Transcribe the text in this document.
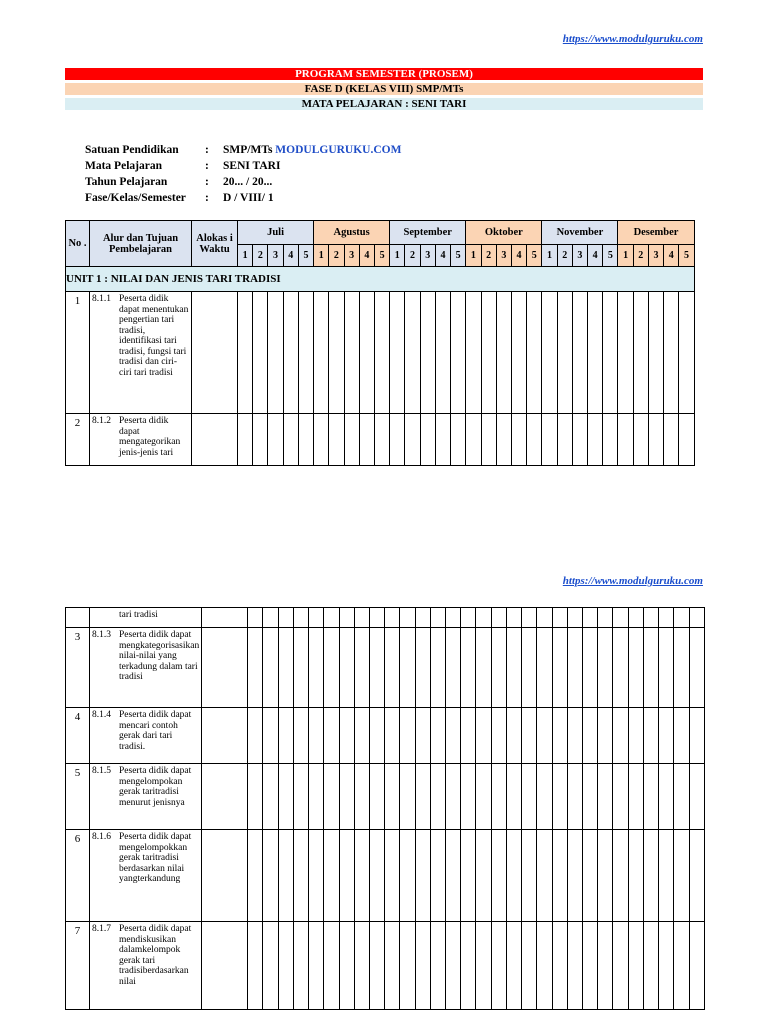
https://www.modulguruku.com
PROGRAM SEMESTER (PROSEM)
FASE D (KELAS VIII) SMP/MTs
MATA PELAJARAN : SENI TARI
Satuan Pendidikan : SMP/MTs MODULGURUKU.COM
Mata Pelajaran	: SENI TARI
Tahun Pelajaran	: 20... / 20...
Fase/Kelas/Semester : D / VIII/ 1
No .	Alur dan Tujuan Pembelajaran	Alokas i Waktu	Juli					Agustus					September					Oktober					November					Desember				
			1	2	3	4	5	1	2	3	4	5	1	2	3	4	5	1	2	3	4	5	1	2	3	4	5	1	2	3	4	5
UNIT 1 : NILAI DAN JENIS TARI TRADISI																																
1	8.1.1 Peserta didik dapat menentukan pengertian tari tradisi, identifikasi tari tradisi, fungsi tari tradisi dan ciri-ciri tari tradisi																															

2	8.1.2 Peserta didik dapat mengategorikan jenis-jenis tari																															

https://www.modulguruku.com

	tari tradisi																															

3	8.1.3 Peserta didik dapat mengkategorisasikan nilai-nilai yang terkadung dalam tari tradisi																															

4	8.1.4 Peserta didik dapat mencari contoh gerak dari tari tradisi.																															

5	8.1.5 Peserta didik dapat mengelompokan gerak taritradisi menurut jenisnya																															

6	8.1.6 Peserta didik dapat mengelompokkan gerak taritradisi berdasarkan nilai yangterkandung																															

7	8.1.7 Peserta didik dapat mendiskusikan dalamkelompok gerak tari tradisiberdasarkan nilai																															
